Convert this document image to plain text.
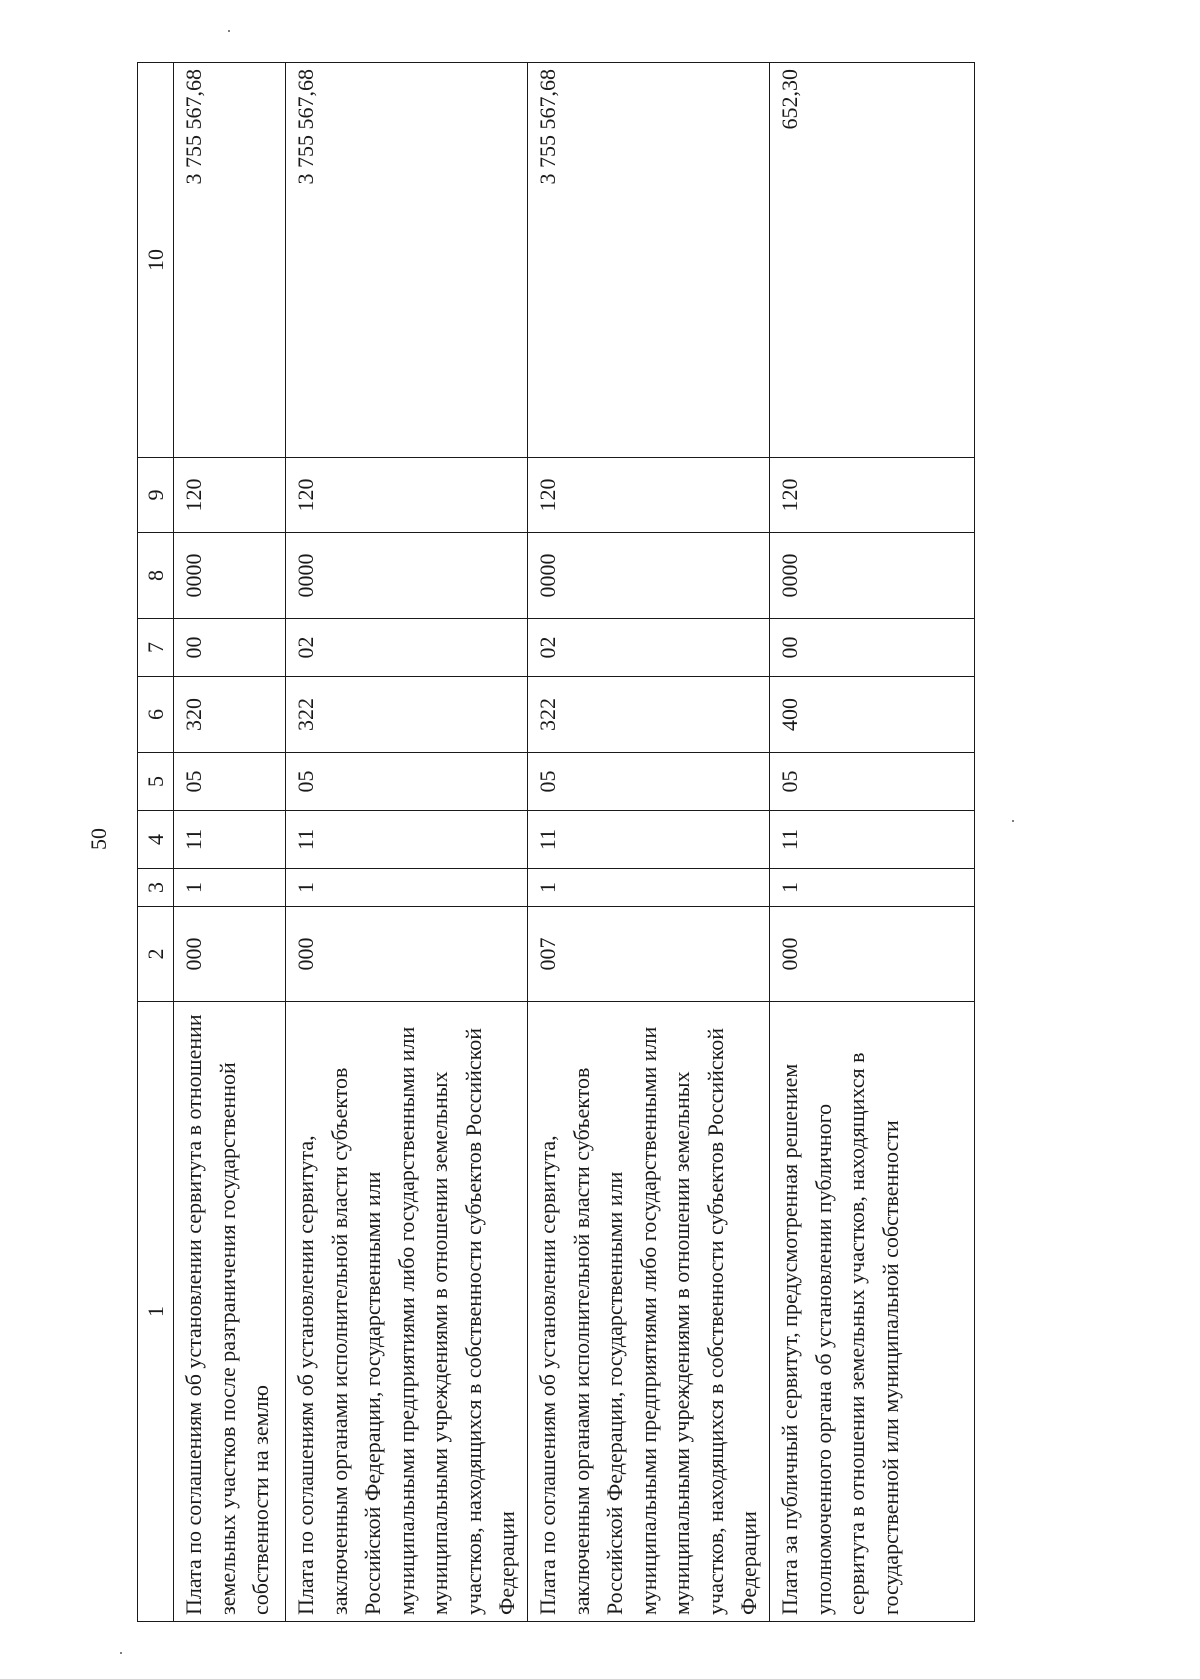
50
1	2	3	4	5	6	7	8	9	10
Плата по соглашениям об установлении сервитута в отношении земельных участков после разграничения государственной собственности на землю	000	1	11	05	320	00	0000	120	3 755 567,68
Плата по соглашениям об установлении сервитута, заключенным органами исполнительной власти субъектов Российской Федерации, государственными или муниципальными предприятиями либо государственными или муниципальными учреждениями в отношении земельных участков, находящихся в собственности субъектов Российской Федерации	000	1	11	05	322	02	0000	120	3 755 567,68
Плата по соглашениям об установлении сервитута, заключенным органами исполнительной власти субъектов Российской Федерации, государственными или муниципальными предприятиями либо государственными или муниципальными учреждениями в отношении земельных участков, находящихся в собственности субъектов Российской Федерации	007	1	11	05	322	02	0000	120	3 755 567,68
Плата за публичный сервитут, предусмотренная решением уполномоченного органа об установлении публичного сервитута в отношении земельных участков, находящихся в государственной или муниципальной собственности	000	1	11	05	400	00	0000	120	652,30
